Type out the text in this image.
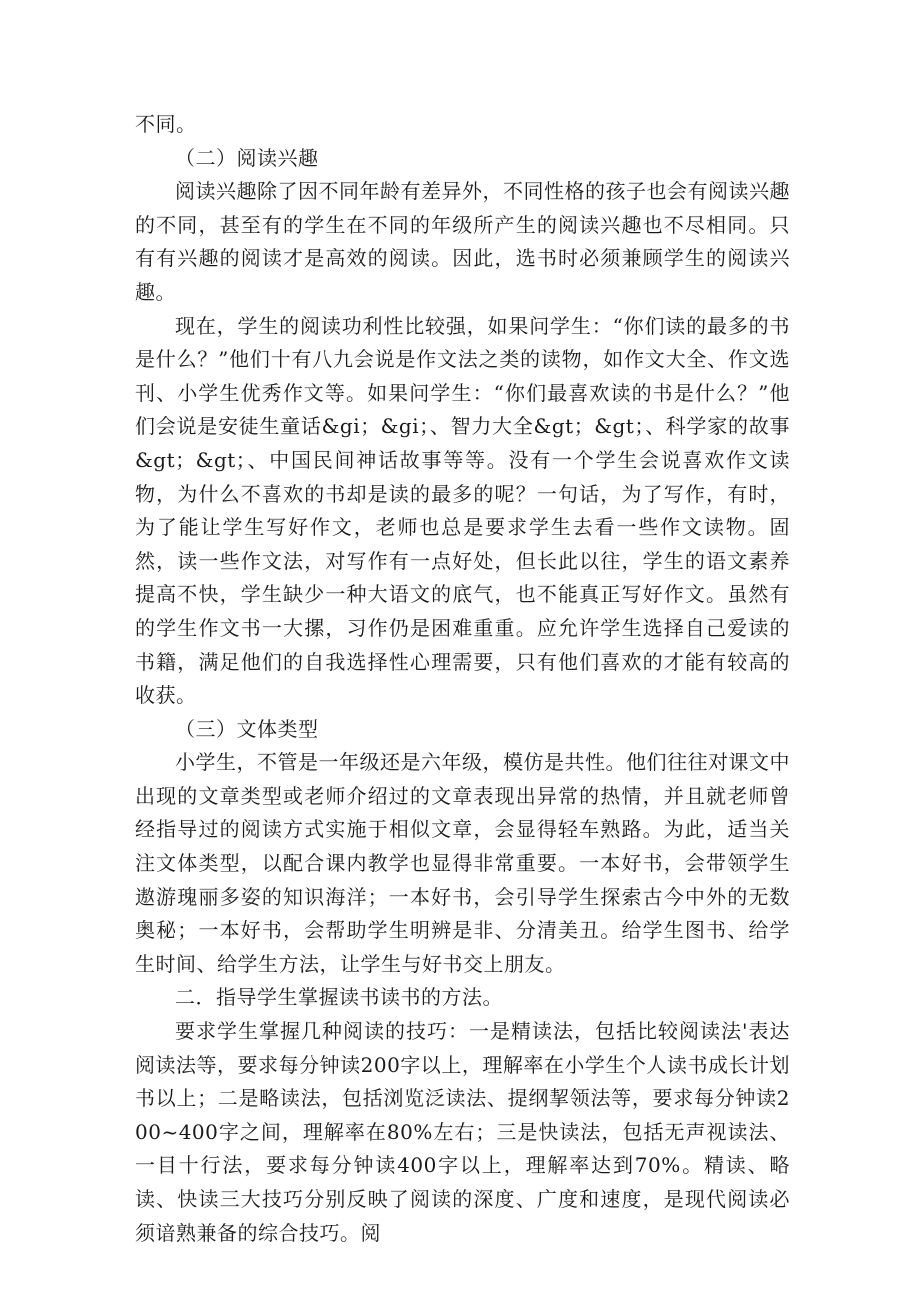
不同。

（二）阅读兴趣

阅读兴趣除了因不同年龄有差异外，不同性格的孩子也会有阅读兴趣的不同，甚至有的学生在不同的年级所产生的阅读兴趣也不尽相同。只有有兴趣的阅读才是高效的阅读。因此，选书时必须兼顾学生的阅读兴趣。

现在，学生的阅读功利性比较强，如果问学生：“你们读的最多的书是什么？”他们十有八九会说是作文法之类的读物，如作文大全、作文选刊、小学生优秀作文等。如果问学生：“你们最喜欢读的书是什么？”他们会说是安徒生童话&gi；&gi；、智力大全&gt；&gt；、科学家的故事&gt；&gt；、中国民间神话故事等等。没有一个学生会说喜欢作文读物，为什么不喜欢的书却是读的最多的呢？一句话，为了写作，有时，为了能让学生写好作文，老师也总是要求学生去看一些作文读物。固然，读一些作文法，对写作有一点好处，但长此以往，学生的语文素养提高不快，学生缺少一种大语文的底气，也不能真正写好作文。虽然有的学生作文书一大摞，习作仍是困难重重。应允许学生选择自己爱读的书籍，满足他们的自我选择性心理需要，只有他们喜欢的才能有较高的收获。

（三）文体类型

小学生，不管是一年级还是六年级，模仿是共性。他们往往对课文中出现的文章类型或老师介绍过的文章表现出异常的热情，并且就老师曾经指导过的阅读方式实施于相似文章，会显得轻车熟路。为此，适当关注文体类型，以配合课内教学也显得非常重要。一本好书，会带领学生遨游瑰丽多姿的知识海洋；一本好书，会引导学生探索古今中外的无数奥秘；一本好书，会帮助学生明辨是非、分清美丑。给学生图书、给学生时间、给学生方法，让学生与好书交上朋友。

二．指导学生掌握读书读书的方法。

要求学生掌握几种阅读的技巧：一是精读法，包括比较阅读法'表达阅读法等，要求每分钟读200字以上，理解率在小学生个人读书成长计划书以上；二是略读法，包括浏览泛读法、提纲挈领法等，要求每分钟读200~400字之间，理解率在80%左右；三是快读法，包括无声视读法、一目十行法，要求每分钟读400字以上，理解率达到70%。精读、略读、快读三大技巧分别反映了阅读的深度、广度和速度，是现代阅读必须谙熟兼备的综合技巧。阅
